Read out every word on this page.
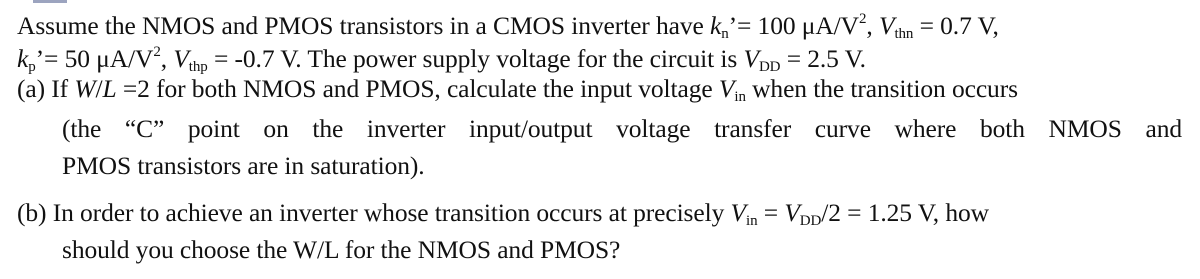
Assume the NMOS and PMOS transistors in a CMOS inverter have $k_n’= 100$ $\mu A/V^2$, $V_{thn} = 0.7$ V,
$k_p’= 50$ $\mu A/V^2$, $V_{thp} = -0.7$ V. The power supply voltage for the circuit is $V_{DD} = 2.5$ V.
(a) If W/L =2 for both NMOS and PMOS, calculate the input voltage $V_{in}$ when the transition occurs
(the “C” point on the inverter input/output voltage transfer curve where both NMOS and
PMOS transistors are in saturation).
(b) In order to achieve an inverter whose transition occurs at precisely $V_{in} = V_{DD}/2 = 1.25$ V, how
should you choose the W/L for the NMOS and PMOS?
